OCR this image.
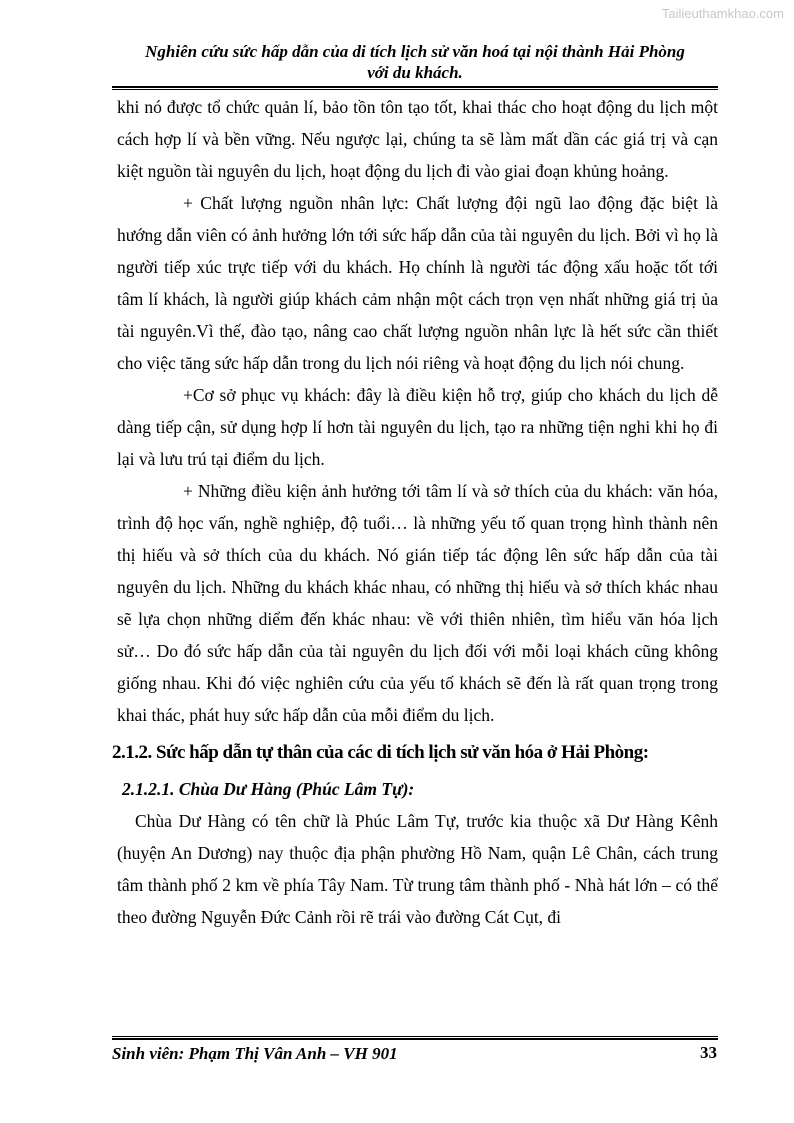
Tailieuthamkhao.com
Nghiên cứu sức hấp dẫn của di tích lịch sử văn hoá tại nội thành Hải Phòng
với du khách.

khi nó được tổ chức quản lí, bảo tồn tôn tạo tốt, khai thác cho hoạt động du lịch một cách hợp lí và bền vững. Nếu ngược lại, chúng ta sẽ làm mất dần các giá trị và cạn kiệt nguồn tài nguyên du lịch, hoạt động du lịch đi vào giai đoạn khủng hoảng.

+ Chất lượng nguồn nhân lực: Chất lượng đội ngũ lao động đặc biệt là hướng dẫn viên có ảnh hưởng lớn tới sức hấp dẫn của tài nguyên du lịch. Bởi vì họ là người tiếp xúc trực tiếp với du khách. Họ chính là người tác động xấu hoặc tốt tới tâm lí khách, là người giúp khách cảm nhận một cách trọn vẹn nhất những giá trị ủa tài nguyên.Vì thế, đào tạo, nâng cao chất lượng nguồn nhân lực là hết sức cần thiết cho việc tăng sức hấp dẫn trong du lịch nói riêng và hoạt động du lịch nói chung.

+Cơ sở phục vụ khách: đây là điều kiện hỗ trợ, giúp cho khách du lịch dễ dàng tiếp cận, sử dụng hợp lí hơn tài nguyên du lịch, tạo ra những tiện nghi khi họ đi lại và lưu trú tại điểm du lịch.

+ Những điều kiện ảnh hưởng tới tâm lí và sở thích của du khách: văn hóa, trình độ học vấn, nghề nghiệp, độ tuổi… là những yếu tố quan trọng hình thành nên thị hiếu và sở thích của du khách. Nó gián tiếp tác động lên sức hấp dẫn của tài nguyên du lịch. Những du khách khác nhau, có những thị hiếu và sở thích khác nhau sẽ lựa chọn những diểm đến khác nhau: về với thiên nhiên, tìm hiểu văn hóa lịch sử… Do đó sức hấp dẫn của tài nguyên du lịch đối với mỗi loại khách cũng không giống nhau. Khi đó việc nghiên cứu của yếu tố khách sẽ đến là rất quan trọng trong khai thác, phát huy sức hấp dẫn của mỗi điểm du lịch.

2.1.2. Sức hấp dẫn tự thân của các di tích lịch sử văn hóa ở Hải Phòng:
2.1.2.1. Chùa Dư Hàng (Phúc Lâm Tự):

Chùa Dư Hàng có tên chữ là Phúc Lâm Tự, trước kia thuộc xã Dư Hàng Kênh (huyện An Dương) nay thuộc địa phận phường Hồ Nam, quận Lê Chân, cách trung tâm thành phố 2 km về phía Tây Nam. Từ trung tâm thành phố - Nhà hát lớn – có thể theo đường Nguyễn Đức Cảnh rồi rẽ trái vào đường Cát Cụt, đi

Sinh viên: Phạm Thị Vân Anh – VH 901	33
